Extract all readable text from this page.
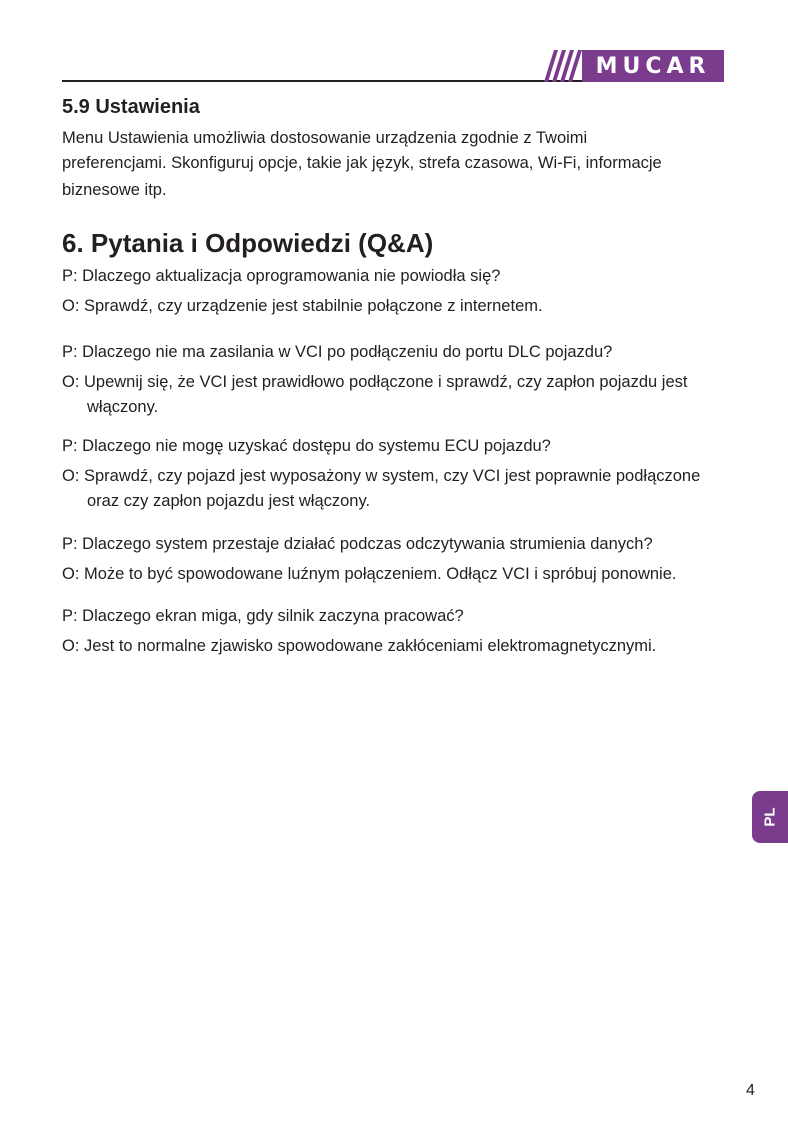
MUCAR
5.9 Ustawienia

Menu Ustawienia umożliwia dostosowanie urządzenia zgodnie z Twoimi

preferencjami. Skonfiguruj opcje, takie jak język, strefa czasowa, Wi-Fi, informacje

biznesowe itp.

6. Pytania i Odpowiedzi (Q&A)

P: Dlaczego aktualizacja oprogramowania nie powiodła się?

O: Sprawdź, czy urządzenie jest stabilnie połączone z internetem.

P: Dlaczego nie ma zasilania w VCI po podłączeniu do portu DLC pojazdu?

O: Upewnij się, że VCI jest prawidłowo podłączone i sprawdź, czy zapłon pojazdu jest włączony.

P: Dlaczego nie mogę uzyskać dostępu do systemu ECU pojazdu?

O: Sprawdź, czy pojazd jest wyposażony w system, czy VCI jest poprawnie podłączone oraz czy zapłon pojazdu jest włączony.

P: Dlaczego system przestaje działać podczas odczytywania strumienia danych?

O: Może to być spowodowane luźnym połączeniem. Odłącz VCI i spróbuj ponownie.

P: Dlaczego ekran miga, gdy silnik zaczyna pracować?

O: Jest to normalne zjawisko spowodowane zakłóceniami elektromagnetycznymi.

PL
4
